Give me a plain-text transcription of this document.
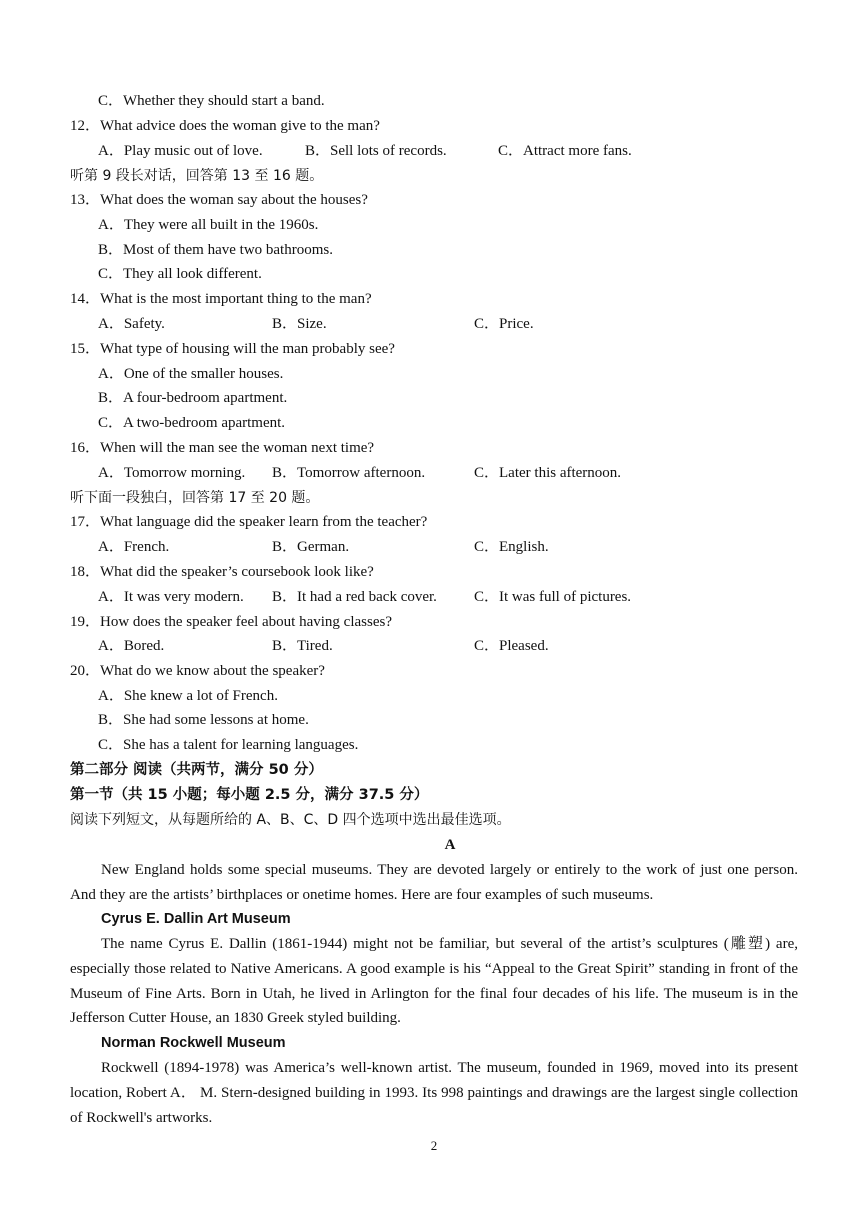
C．Whether they should start a band.
12．What advice does the woman give to the man?
A．Play music out of love.	B．Sell lots of records.	C．Attract more fans.
听第 9 段长对话，回答第 13 至 16 题。
13．What does the woman say about the houses?
A．They were all built in the 1960s.
B．Most of them have two bathrooms.
C．They all look different.
14．What is the most important thing to the man?
A．Safety.	B．Size.	C．Price.
15．What type of housing will the man probably see?
A．One of the smaller houses.
B．A four-bedroom apartment.
C．A two-bedroom apartment.
16．When will the man see the woman next time?
A．Tomorrow morning. B．Tomorrow afternoon.	C．Later this afternoon.
听下面一段独白，回答第 17 至 20 题。
17．What language did the speaker learn from the teacher?
A．French.	B．German.	C．English.
18．What did the speaker’s coursebook look like?
A．It was very modern. B．It had a red back cover. C．It was full of pictures.
19．How does the speaker feel about having classes?
A．Bored.	B．Tired.	C．Pleased.
20．What do we know about the speaker?
A．She knew a lot of French.
B．She had some lessons at home.
C．She has a talent for learning languages.
第二部分 阅读（共两节，满分 50 分）
第一节（共 15 小题；每小题 2.5 分，满分 37.5 分）
阅读下列短文，从每题所给的 A、B、C、D 四个选项中选出最佳选项。
A
New England holds some special museums. They are devoted largely or entirely to the work of just one person. And they are the artists’ birthplaces or onetime homes. Here are four examples of such museums.
Cyrus E. Dallin Art Museum
The name Cyrus E. Dallin (1861-1944) might not be familiar, but several of the artist’s sculptures (雕塑) are, especially those related to Native Americans. A good example is his “Appeal to the Great Spirit” standing in front of the Museum of Fine Arts. Born in Utah, he lived in Arlington for the final four decades of his life. The museum is in the Jefferson Cutter House, an 1830 Greek styled building.
Norman Rockwell Museum
Rockwell (1894-1978) was America’s well-known artist. The museum, founded in 1969, moved into its present location, Robert A． M. Stern-designed building in 1993. Its 998 paintings and drawings are the largest single collection of Rockwell's artworks.
2
